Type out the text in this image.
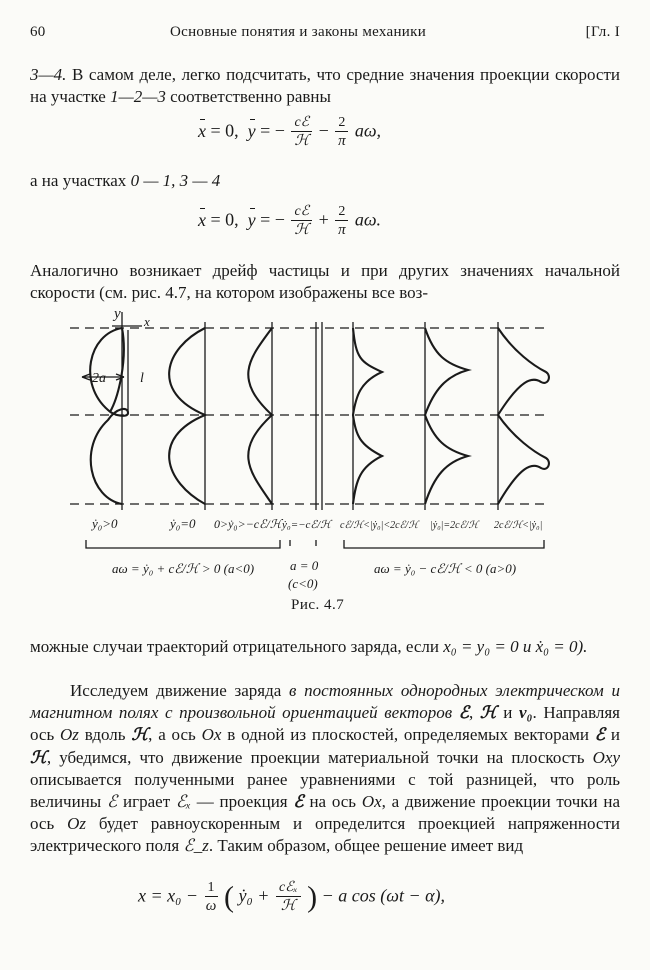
60	Основные понятия и законы механики	[Гл. I
3—4. В самом деле, легко подсчитать, что средние значения проекции скорости на участке 1—2—3 соответственно равны
x = 0, y = − $\frac{\text{cℰ}}{\text{ℋ}} - \frac{2}{\pi} a\omega$,
а на участках 0 — 1, 3 — 4
x = 0, y = − $\frac{\text{cℰ}}{\text{ℋ}} + \frac{2}{\pi} a\omega$.
Аналогично возникает дрейф частицы и при других значениях начальной скорости (см. рис. 4.7, на котором изображены все воз-
y x
2a l
ẏ₀>0	ẏ₀=0 0>ẏ₀>−cℰ/ℋ ẏ₀=−cℰ/ℋ cℰ/ℋ<|ẏ₀|<2cℰ/ℋ |ẏ₀|=2cℰ/ℋ 2cℰ/ℋ<|ẏ₀|
aω = ẏ₀ + cℰ/ℋ > 0 (a<0)	a = 0
(c<0)
aω = ẏ₀ − cℰ/ℋ < 0 (a>0)
Рис. 4.7
можные случаи траекторий отрицательного заряда, если x₀ = y₀ = 0 и ẋ₀ = 0).
Исследуем движение заряда в постоянных однородных электрическом и магнитном полях с произвольной ориентацией векторов ℰ, ℋ и v₀. Направляя ось Oz вдоль ℋ, а ось Ox в одной из плоскостей, определяемых векторами ℰ и ℋ, убедимся, что движение проекции материальной точки на плоскость Oxy описывается полученными ранее уравнениями с той разницей, что роль величины ℰ играет ℰₓ — проекция ℰ на ось Ox, а движение проекции точки на ось Oz будет равноускоренным и определится проекцией напряженности электрического поля ℰ_z. Таким образом, общее решение имеет вид
$x = x_0 - \frac{1}{\omega}$ ( ẏ₀ + $\frac{\text{cℰₓ}}{\text{ℋ}}$ ) − a cos (ωt − α),
